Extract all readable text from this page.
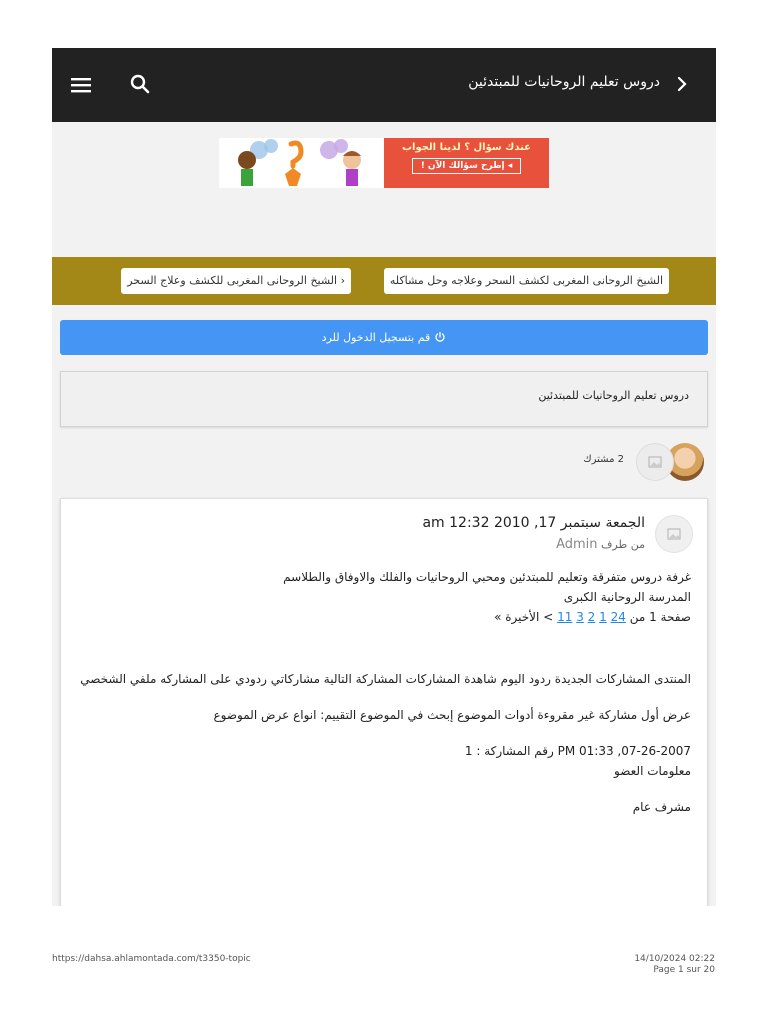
دروس تعليم الروحانيات للمبتدئين
عندك سؤال ؟ لدينا الجواب
◂ إطرح سؤالك الآن !
الشيخ الروحانى المغربى لكشف السحر وعلاجه وحل مشاكله
‹ الشيخ الروحانى المغربى للكشف وعلاج السحر
قم بتسجيل الدخول للرد
دروس تعليم الروحانيات للمبتدئين
2 مشترك
الجمعة سبتمبر 17, 2010 12:32 am
من طرف Admin

غرفة دروس متفرقة وتعليم للمبتدئين ومحبي الروحانيات والفلك والاوفاق والطلاسم

المدرسة الروحانية الكبرى

صفحة 1 من 24 1 2 3 11 > الأخيرة »

المنتدى المشاركات الجديدة ردود اليوم شاهدة المشاركات المشاركة التالية مشاركاتي ردودي على المشاركه ملفي الشخصي

عرض أول مشاركة غير مقروءة أدوات الموضوع إبحث في الموضوع التقييم: انواع عرض الموضوع

07-26-2007, 01:33 PM رقم المشاركة : 1

معلومات العضو

مشرف عام

https://dahsa.ahlamontada.com/t3350-topic	14/10/2024 02:22
Page 1 sur 20
